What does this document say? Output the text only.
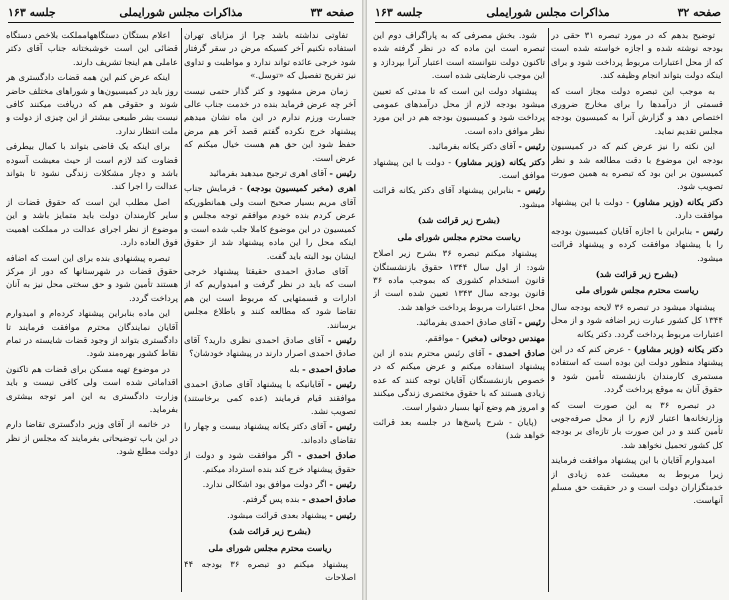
صفحه ۳۳
مذاکرات مجلس شورایملی
جلسه ۱۶۳

تفاوتی نداشته باشد چرا از مزایای تهران استفاده نکنیم آخر کسیکه مرض در سقر گرفتار شود خرجی عائده تواند ندارد و مواظبت و تداوی نیز تفریح تفصیل که «توسل.»

زمان مرض مشهود و کتر گذار حتمی نیست آخر چه عرض فرماید بنده در خدمت جناب عالی جسارت ورزم ندارم در این ماه نشان میدهم پیشنهاد خرج نکرده گفتم قصد آخر هم مرض حفظ شود این حق هم هست خیال میکنم که عرض است.

رئیس - آقای اهری ترجیح میدهید بفرمائید

اهری (مخبر کمیسیون بودجه) - فرمایش جناب آقای مریم بسیار صحیح است ولی همانطوریکه عرض کردم بنده خودم موافقم توجه مجلس و کمیسیون در این موضوع کاملا جلب شده است و اینکه محل را این ماده پیشنهاد شد از حقوق ایشان بود البته باید گفت.

آقای صادق احمدی حقیقتا پیشنهاد خرجی است که باید در نظر گرفت و امیدواریم که از ادارات و قسمتهایی که مربوط است این هم تقاضا شود که مطالعه کنند و باطلاع مجلس برسانند.

رئیس - آقای صادق احمدی نظری دارید؟ آقای صادق احمدی اصرار دارند در پیشنهاد خودشان؟

صادق احمدی - بله

رئیس - آقایانیکه با پیشنهاد آقای صادق احمدی موافقند قیام فرمایند (عده کمی برخاستند) تصویب نشد.

رئیس - آقای دکتر یکانه پیشنهاد بیست و چهار را تقاضای داده‌اند.

صادق احمدی - اگر موافقت شود و دولت از حقوق پیشنهاد خرج کند بنده استرداد میکنم.

رئیس - اگر دولت موافق بود اشکالی ندارد.

صادق احمدی - بنده پس گرفتم.

رئیس - پیشنهاد بعدی قرائت میشود.

(بشرح زیر قرائت شد)

ریاست محترم مجلس شورای ملی

پیشنهاد میکنم دو تبصره ۳۶ بودجه ۴۴ اصلاحات

اعلام بستگان دستگاههامملکت بلاخص دستگاه قضائی این است خوشبختانه جناب آقای دکتر عاملی هم اینجا تشریف دارند.

اینکه عرض کنم این همه قضات دادگستری هر روز باید در کمیسیون‌ها و شوراهای مختلف حاضر شوند و حقوقی هم که دریافت میکنند کافی نیست بشر طبیعی بیشتر از این چیزی از دولت و ملت انتظار ندارد.

برای اینکه یک قاضی بتواند با کمال بیطرفی قضاوت کند لازم است از حیث معیشت آسوده باشد و دچار مشکلات زندگی نشود تا بتواند عدالت را اجرا کند.

اصل مطلب این است که حقوق قضات از سایر کارمندان دولت باید متمایز باشد و این موضوع از نظر اجرای عدالت در مملکت اهمیت فوق العاده دارد.

تبصره پیشنهادی بنده برای این است که اضافه حقوق قضات در شهرستانها که دور از مرکز هستند تأمین شود و حق سختی محل نیز به آنان پرداخت گردد.

این ماده بنابراین پیشنهاد کرده‌ام و امیدوارم آقایان نمایندگان محترم موافقت فرمایند تا دادگستری بتواند از وجود قضات شایسته در تمام نقاط کشور بهره‌مند شود.

در موضوع تهیه مسکن برای قضات هم تاکنون اقداماتی شده است ولی کافی نیست و باید وزارت دادگستری به این امر توجه بیشتری بفرماید.

در خاتمه از آقای وزیر دادگستری تقاضا دارم در این باب توضیحاتی بفرمایند که مجلس از نظر دولت مطلع شود.

صفحه ۳۲
مذاکرات مجلس شورایملی
جلسه ۱۶۳

توضیح بدهم که در مورد تبصره ۳۱ حقی در بودجه نوشته شده و اجازه خواسته شده است که از محل اعتبارات مربوط پرداخت شود و برای اینکه دولت بتواند انجام وظیفه کند.

به موجب این تبصره دولت مجاز است که قسمتی از درآمدها را برای مخارج ضروری اختصاص دهد و گزارش آنرا به کمیسیون بودجه مجلس تقدیم نماید.

این نکته را نیز عرض کنم که در کمیسیون بودجه این موضوع با دقت مطالعه شد و نظر کمیسیون بر این بود که تبصره به همین صورت تصویب شود.

دکتر یکانه (وزیر مشاور) - دولت با این پیشنهاد موافقت دارد.

رئیس - بنابراین با اجازه آقایان کمیسیون بودجه را با پیشنهاد موافقت کرده و پیشنهاد قرائت میشود.

(بشرح زیر قرائت شد)

ریاست محترم مجلس شورای ملی

پیشنهاد میشود در تبصره ۳۶ لایحه بودجه سال ۱۳۴۴ کل کشور عبارت زیر اضافه شود و از محل اعتبارات مربوط پرداخت گردد. دکتر یکانه

دکتر یکانه (وزیر مشاور) - عرض کنم که در این پیشنهاد منظور دولت این بوده است که استفاده مستمری کارمندان بازنشسته تأمین شود و حقوق آنان به موقع پرداخت گردد.

در تبصره ۳۶ به این صورت است که وزارتخانه‌ها اعتبار لازم را از محل صرفه‌جویی تأمین کنند و در این صورت بار تازه‌ای بر بودجه کل کشور تحمیل نخواهد شد.

امیدوارم آقایان با این پیشنهاد موافقت فرمایند زیرا مربوط به معیشت عده زیادی از خدمتگزاران دولت است و در حقیقت حق مسلم آنهاست.

شود. بخش مصرفی که به پاراگراف دوم این تبصره است این ماده که در نظر گرفته شده تاکنون دولت نتوانسته است اعتبار آنرا بپردازد و این موجب نارضایتی شده است.

پیشنهاد دولت این است که تا مدتی که تعیین میشود بودجه لازم از محل درآمدهای عمومی پرداخت شود و کمیسیون بودجه هم در این مورد نظر موافق داده است.

رئیس - آقای دکتر یکانه بفرمائید.

دکتر یکانه (وزیر مشاور) - دولت با این پیشنهاد موافق است.

رئیس - بنابراین پیشنهاد آقای دکتر یکانه قرائت میشود.

(بشرح زیر قرائت شد)

ریاست محترم مجلس شورای ملی

پیشنهاد میکنم تبصره ۳۶ بشرح زیر اصلاح شود: از اول سال ۱۳۴۴ حقوق بازنشستگان قانون استخدام کشوری که بموجب ماده ۳۶ قانون بودجه سال ۱۳۴۳ تعیین شده است از محل اعتبارات مربوط پرداخت خواهد شد.

رئیس - آقای صادق احمدی بفرمائید.

مهندس دوحانی (مخبر) - موافقم.

صادق احمدی - آقای رئیس محترم بنده از این پیشنهاد استفاده میکنم و عرض میکنم که در خصوص بازنشستگان آقایان توجه کنند که عده زیادی هستند که با حقوق مختصری زندگی میکنند و امروز هم وضع آنها بسیار دشوار است.

(پایان - شرح پاسخ‌ها در جلسه بعد قرائت خواهد شد)
